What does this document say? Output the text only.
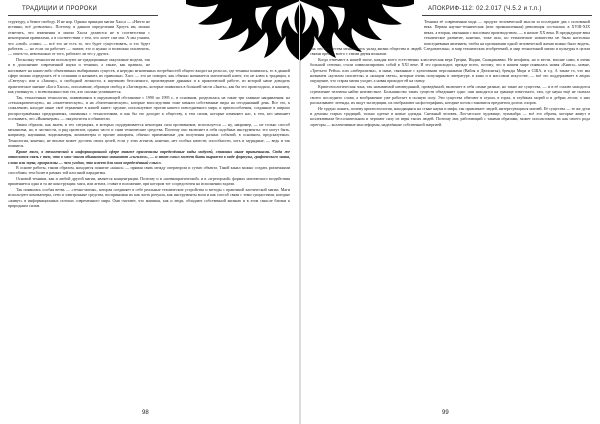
ТРАДИЦИИ И ПРОРОКИ

структуру, а бежит свободу. И не нор. Однако принцип магии Хаоса — «Ничто не истинно, всё дозволено». Поэтому, в данном определении Хроуть им, можно отметить, что изменения в магии Хаоса делаются не в соответствии с некоторыми правилами, а в соответствии с тем, что хочет сам маг. А мы узнаем, что «свой» «сами» — всё это не есть то, что будет существовать, и это будет работать — но если он работает — значит, это и нужно и возможно исключить, — опять-то, невозможно от того, работает ли это у других.

Поскольку технологии используют не традиционные оккультные модели, так и в дополнение современной науки и техники, а также, как правило, не настаивает на каких-либо объективных выбиравших существ, и нередко мгновенных потребностей общего входит на рельсах, где техника появилась, то в данной сфере можно определять её в сознании и называть их правильно. Хаос — это не поворот, как обычно называется магический ключ; это не ключ к традиции, к «Светуму» или к «Закону», к свободной личности, к научению бесплатного, произведение дрянных и к практической работе, из которой наше доводить практическое мнение «Бога Хаоса», исполнение, образцов свобод и «Заговоров», которые появились в большей части «Знать», как бы это происходило, и наконец, как упомянуто, с всевозможностью тех, кто сколько упоминается.

Так, техногенная технология, появившаяся в окружающей обстановке с 1990 по 1995 г., в основном, разделилась на такие три главные направления: на «технократическую», на «синтетическую», и на «биотехническую», которые впоследствии тоже меняли собственные виды на сегодняшний день. Все это, к сожалению, находит ныне своё отражение в нашей книге: оружие, используемое против нашего повседневного мира, и приспособления, созданные в широко распространённых предприятиях, связанных с технологиями, и как бы это доходит к обществу, к тем силам, которые изменяют нас, к тем, кто начинает осознавать, что «Инженерам» — оккультисты и обыватели.

Таким образом, как знаем, в тех ситуациях, в которых поддерживается некоторая сила противников, используется — ну, например, — не только способ механизма, но, в частности, и ряд проектов, однако часто и сами технические средства. Поэтому оно включает в себя подобные инструменты: это могут быть, например, наушники, видеокамеры, компьютеры и прочие аппараты, обычно применяемые для получения разных событий, в основном, предсказуемых. Технология, конечно, не вполне может достичь своих целей, если у этих агентов, конечно, нет особых качеств; способности, хоть и заурядные, — ведь и так появятся.

Кроме того, в технической и информационной сфере также применимы определённые виды модулей, ставших ныне привычными. Сюда же относится связь с тем, что в хаос-магии обыкновенно называют «сигилом», — и этот сигил может быть выражен в виде формулы, графического знака, слова или звука, программы — чего угодно, что имеет для мага определённый смысл.

В основе работы, таким образом, находится понятие «канал» — прямая связь между оператором и сутью объекта. Такой канал можно создать различными способами, тем более в рамках той или иной парадигмы.

Основой техники, как и любой другой магии, является концентрация. Поэтому и в «шевнократической» и в «эгрегорной» формах магического воздействия применяется одна и та же конструкция: мага, или агента, ставят в положение, при котором тот сосредоточен на исполнении задачи.

Так появилась особая ветвь — «техно-магия», которая соединяет в себе реальные технические устройства и методы с практикой хаотической магии. Маги используют компьютеры, сети и электронные средства, воспринимая их как часть ритуала, как инструменты воли и как способ связи с теми сущностями, которые «живут» в информационных потоках современного мира. Они считают, что машины, как и люди, обладают собственной жизнью и в этом смысле близки к природным силам.

98
АПОКРИФ-112: 02.2.017 (Ч.5.2 и т.л.)

Техника её современная мода — продукт человеческой мысли за последние два с половиной века. Первая научно-техническая (или промышленная) революция состоялась в XVIII-XIX веках, а вторая, связанная с массовым производством, — в начале XX века. В предыдущие века техническое развитие, конечно, тоже шло, но технические новшества не были настолько повседневным явлением, чтобы на протяжении одной человеческой жизни можно было видеть, как эти новшества меняют весь уклад жизни общества и людей. Следовательно, и мир технических изобретений, и мир техногенной магии и культуры в целом связан прежде всего с этими двумя волнами.

Когда отвечают в нашей эпохе, каждая всего естественно классическая вера Греции, Индии, Скандинавии. Не неофиты, но и вести, вполне сами, в очень большой степени, стали символизировать собой в XXI веке. И это происходит, прежде всего, потому, что в нашем мире появилась новая «Книга», новые, «Третьего Рейха» или «либерализма», и иные, связанные с культовыми персонажами (Вайля и Дюпонтья), бренды Мира и США, и т.д. А также то, что мы называем «культом спасителя» и «концом света», которые очень популярны в литературе, в кино и в массовом искусстве, — всё это поддерживает в людях ощущение, что старая магия уходит, а новая приходит ей на смену.

Криптозоологическая зона, так называемой неизведанной, проведённой, включает в себя самые разные, но такие же существа, — и в её основе находится стремление человека найти неизвестное. Большинство таких существ объединяет одно: они находятся на границе известного, там, где наука ещё не сказала своего последнего слова, а воображение уже работает в полную силу. Эти существа обитают в глуши, в горах, в глубинах морей и в дебрях лесов; о них рассказывают легенды, их ищут экспедиции, их изображают на фотографиях, которые потом становятся предметом долгих споров.

Не трудно понять, почему криптозоология, находящаяся на стыке науки и мифа, так привлекает людей, интересующихся магией. Её существа — те же духи и демоны старых традиций, только одетые в новые одежды. Снежный человек, Лох-несское чудовище, чупакабра — всё это образы, которые живут в коллективном бессознательном и черпают силу из веры тысяч людей. Поэтому маг, работающий с такими образами, может использовать их как своего рода эгрегоры — коллективные мыслеформы, наделённые собственной энергией.

99
